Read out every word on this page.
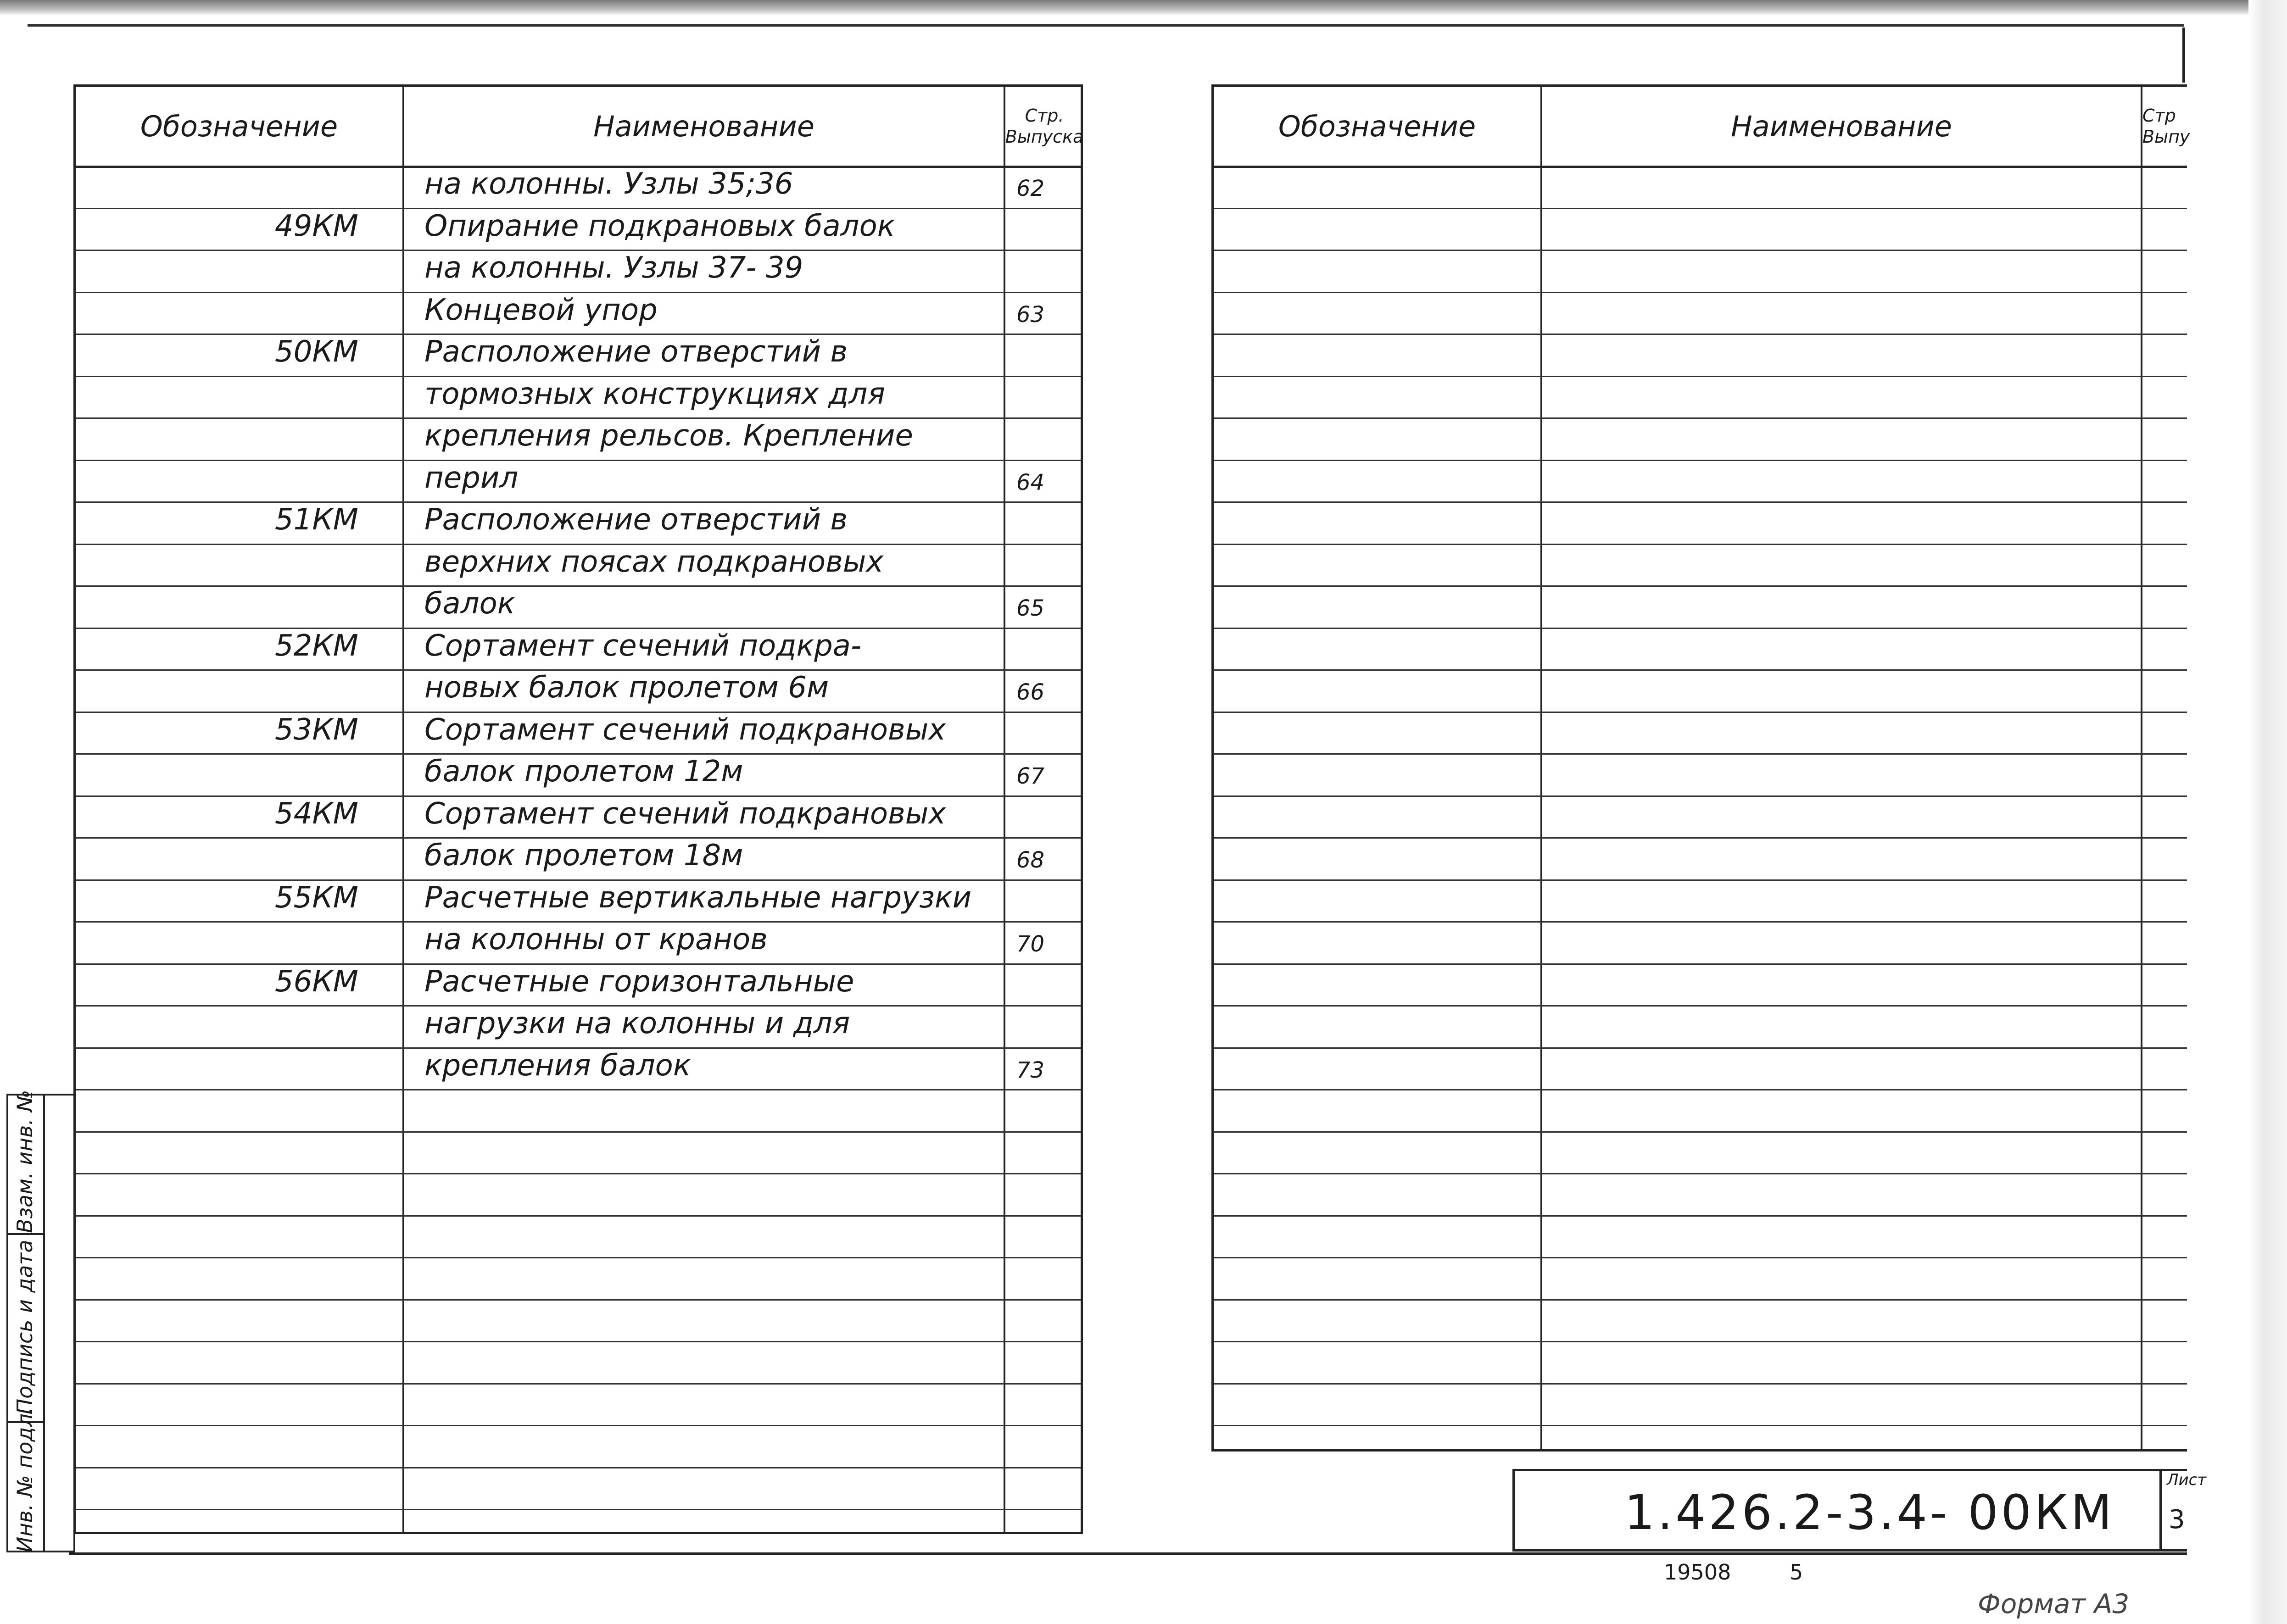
Обозначение	Наименование	Стр.
Выпуска
на колонны. Узлы 35;36	62
49КМ Опирание подкрановых балок
на колонны. Узлы 37- 39
Концевой упор	63
50КМ Расположение отверстий в
тормозных конструкциях для
крепления рельсов. Крепление
перил	64
51КМ Расположение отверстий в
верхних поясах подкрановых
балок	65
52КМ Сортамент сечений подкра-
новых балок пролетом 6м	66
53КМ Сортамент сечений подкрановых
балок пролетом 12м	67
54КМ Сортамент сечений подкрановых
балок пролетом 18м	68
55КМ Расчетные вертикальные нагрузки
на колонны от кранов	70
56КМ Расчетные горизонтальные
нагрузки на колонны и для
крепления балок	73
Обозначение	Наименование	Стр
Выпу
1.426.2-3.4- 00КМ
Лист
3
19508	5
Формат А3
Взам. инв. №
Подпись и дата
Инв. № подл.
